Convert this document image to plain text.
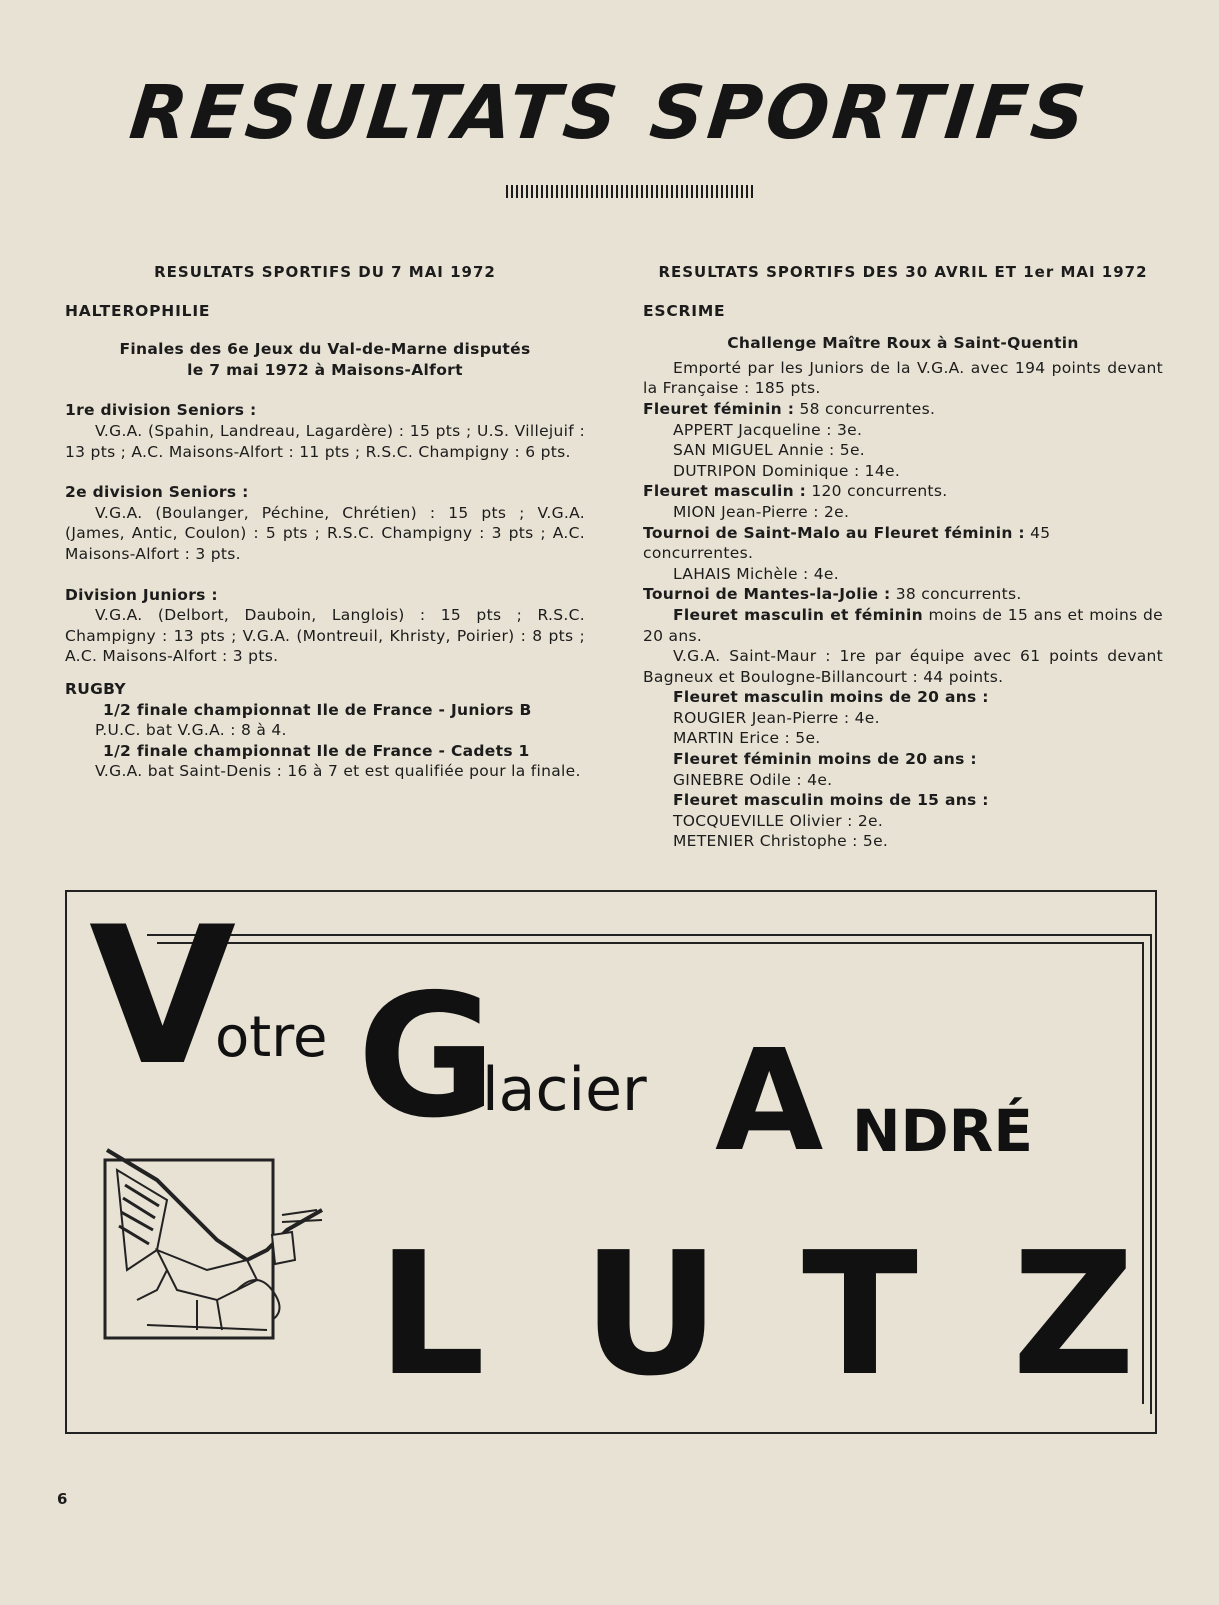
RESULTATS SPORTIFS
RESULTATS SPORTIFS DU 7 MAI 1972
HALTEROPHILIE
Finales des 6e Jeux du Val-de-Marne disputés
le 7 mai 1972 à Maisons-Alfort
1re division Seniors :
V.G.A. (Spahin, Landreau, Lagardère) : 15 pts ; U.S. Villejuif : 13 pts ; A.C. Maisons-Alfort : 11 pts ; R.S.C. Champigny : 6 pts.
2e division Seniors :
V.G.A. (Boulanger, Péchine, Chrétien) : 15 pts ; V.G.A. (James, Antic, Coulon) : 5 pts ; R.S.C. Champigny : 3 pts ; A.C. Maisons-Alfort : 3 pts.
Division Juniors :
V.G.A. (Delbort, Dauboin, Langlois) : 15 pts ; R.S.C. Champigny : 13 pts ; V.G.A. (Montreuil, Khristy, Poirier) : 8 pts ; A.C. Maisons-Alfort : 3 pts.
RUGBY
1/2 finale championnat Ile de France - Juniors B
P.U.C. bat V.G.A. : 8 à 4.
1/2 finale championnat Ile de France - Cadets 1
V.G.A. bat Saint-Denis : 16 à 7 et est qualifiée pour la finale.
RESULTATS SPORTIFS DES 30 AVRIL ET 1er MAI 1972
ESCRIME
Challenge Maître Roux à Saint-Quentin
Emporté par les Juniors de la V.G.A. avec 194 points devant la Française : 185 pts.
Fleuret féminin : 58 concurrentes.
APPERT Jacqueline : 3e.
SAN MIGUEL Annie : 5e.
DUTRIPON Dominique : 14e.
Fleuret masculin : 120 concurrents.
MION Jean-Pierre : 2e.
Tournoi de Saint-Malo au Fleuret féminin : 45 concurrentes.
LAHAIS Michèle : 4e.
Tournoi de Mantes-la-Jolie : 38 concurrents.
Fleuret masculin et féminin moins de 15 ans et moins de 20 ans.
V.G.A. Saint-Maur : 1re par équipe avec 61 points devant Bagneux et Boulogne-Billancourt : 44 points.
Fleuret masculin moins de 20 ans :
ROUGIER Jean-Pierre : 4e.
MARTIN Erice : 5e.
Fleuret féminin moins de 20 ans :
GINEBRE Odile : 4e.
Fleuret masculin moins de 15 ans :
TOCQUEVILLE Olivier : 2e.
METENIER Christophe : 5e.
V
otre G
lacier A NDRÉ
L U T Z
6
